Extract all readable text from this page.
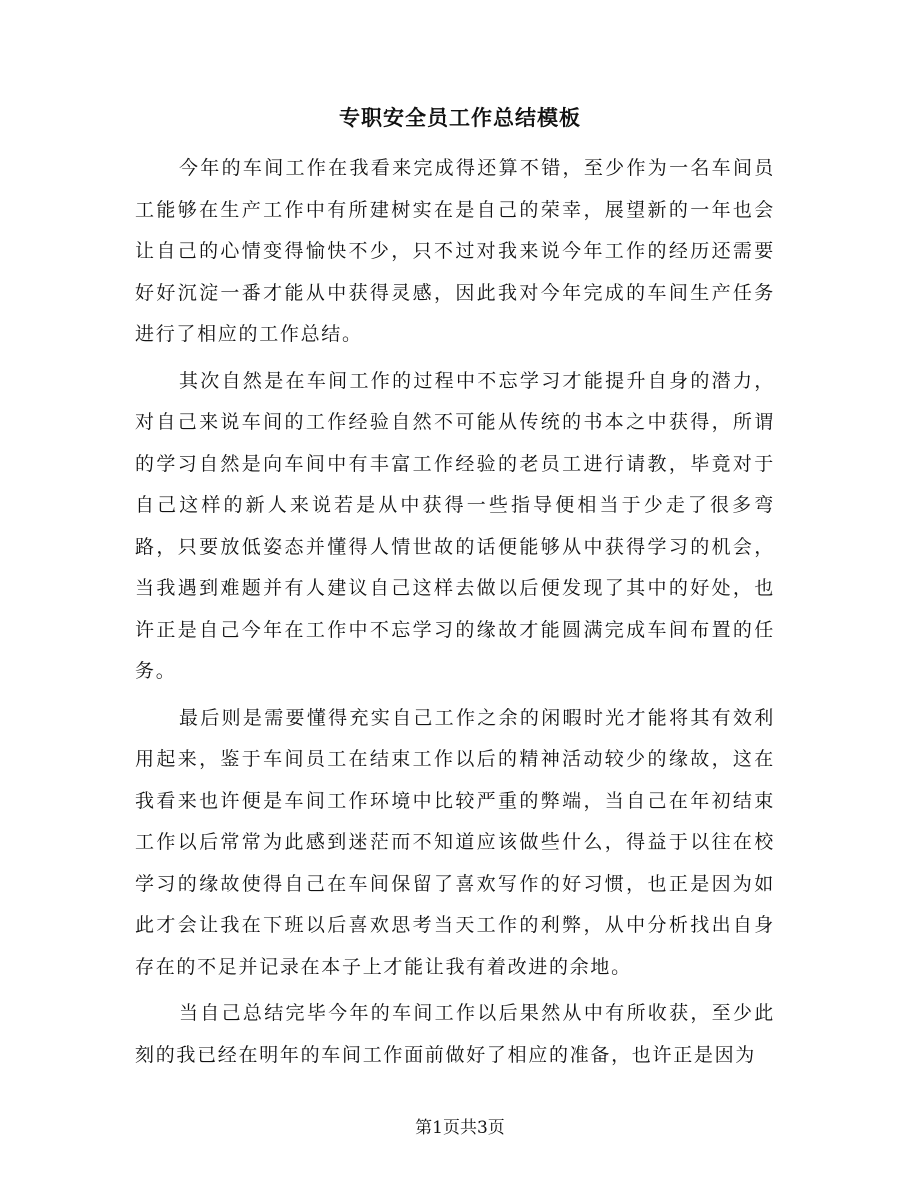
专职安全员工作总结模板

今年的车间工作在我看来完成得还算不错，至少作为一名车间员工能够在生产工作中有所建树实在是自己的荣幸，展望新的一年也会让自己的心情变得愉快不少，只不过对我来说今年工作的经历还需要好好沉淀一番才能从中获得灵感，因此我对今年完成的车间生产任务进行了相应的工作总结。

其次自然是在车间工作的过程中不忘学习才能提升自身的潜力，对自己来说车间的工作经验自然不可能从传统的书本之中获得，所谓的学习自然是向车间中有丰富工作经验的老员工进行请教，毕竟对于自己这样的新人来说若是从中获得一些指导便相当于少走了很多弯路，只要放低姿态并懂得人情世故的话便能够从中获得学习的机会，当我遇到难题并有人建议自己这样去做以后便发现了其中的好处，也许正是自己今年在工作中不忘学习的缘故才能圆满完成车间布置的任务。

最后则是需要懂得充实自己工作之余的闲暇时光才能将其有效利用起来，鉴于车间员工在结束工作以后的精神活动较少的缘故，这在我看来也许便是车间工作环境中比较严重的弊端，当自己在年初结束工作以后常常为此感到迷茫而不知道应该做些什么，得益于以往在校学习的缘故使得自己在车间保留了喜欢写作的好习惯，也正是因为如此才会让我在下班以后喜欢思考当天工作的利弊，从中分析找出自身存在的不足并记录在本子上才能让我有着改进的余地。

当自己总结完毕今年的车间工作以后果然从中有所收获，至少此刻的我已经在明年的车间工作面前做好了相应的准备，也许正是因为

第1页共3页
